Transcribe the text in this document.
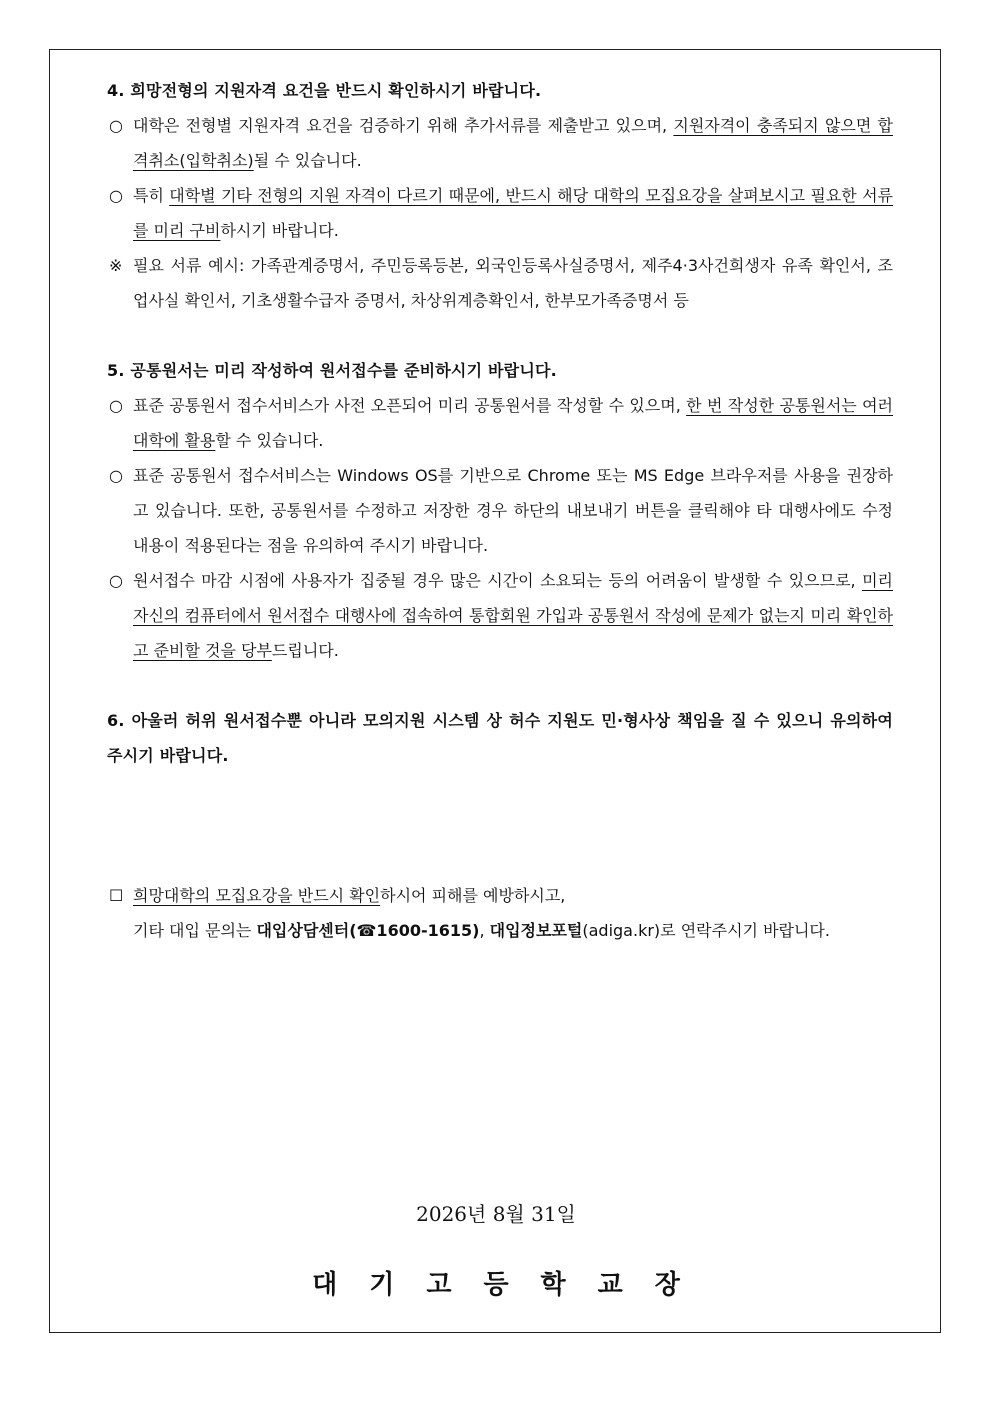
4. 희망전형의 지원자격 요건을 반드시 확인하시기 바랍니다.

○ 대학은 전형별 지원자격 요건을 검증하기 위해 추가서류를 제출받고 있으며, 지원자격이 충족되지 않으면 합격취소(입학취소)될 수 있습니다.
○ 특히 대학별 기타 전형의 지원 자격이 다르기 때문에, 반드시 해당 대학의 모집요강을 살펴보시고 필요한 서류를 미리 구비하시기 바랍니다.
※ 필요 서류 예시: 가족관계증명서, 주민등록등본, 외국인등록사실증명서, 제주4·3사건희생자 유족 확인서, 조업사실 확인서, 기초생활수급자 증명서, 차상위계층확인서, 한부모가족증명서 등

5. 공통원서는 미리 작성하여 원서접수를 준비하시기 바랍니다.

○ 표준 공통원서 접수서비스가 사전 오픈되어 미리 공통원서를 작성할 수 있으며, 한 번 작성한 공통원서는 여러 대학에 활용할 수 있습니다.
○ 표준 공통원서 접수서비스는 Windows OS를 기반으로 Chrome 또는 MS Edge 브라우저를 사용을 권장하고 있습니다. 또한, 공통원서를 수정하고 저장한 경우 하단의 내보내기 버튼을 클릭해야 타 대행사에도 수정 내용이 적용된다는 점을 유의하여 주시기 바랍니다.
○ 원서접수 마감 시점에 사용자가 집중될 경우 많은 시간이 소요되는 등의 어려움이 발생할 수 있으므로, 미리 자신의 컴퓨터에서 원서접수 대행사에 접속하여 통합회원 가입과 공통원서 작성에 문제가 없는지 미리 확인하고 준비할 것을 당부드립니다.
6. 아울러 허위 원서접수뿐 아니라 모의지원 시스템 상 허수 지원도 민·형사상 책임을 질 수 있으니 유의하여 주시기 바랍니다.
☐ 희망대학의 모집요강을 반드시 확인하시어 피해를 예방하시고,
기타 대입 문의는 대입상담센터(☎1600-1615), 대입정보포털(adiga.kr)로 연락주시기 바랍니다.
2026년 8월 31일
대기고등학교장
